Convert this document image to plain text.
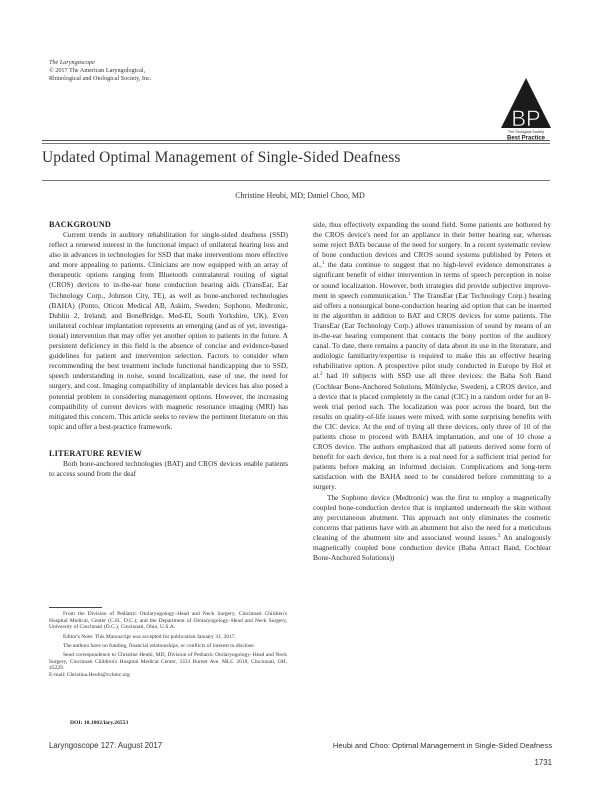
The Laryngoscope
© 2017 The American Laryngological,
Rhinological and Otological Society, Inc.
BP
The Triological Society
Best Practice
Updated Optimal Management of Single-Sided Deafness
Christine Heubi, MD; Daniel Choo, MD
BACKGROUND

Current trends in auditory rehabilitation for single-sided deafness (SSD) reflect a renewed interest in the functional impact of unilateral hearing loss and also in advances in technologies for SSD that make interventions more effective and more appealing to patients. Clinicians are now equipped with an array of therapeutic options ranging from Bluetooth contralateral routing of signal (CROS) devices to in-the-ear bone conduction hearing aids (TransEar, Ear Technology Corp., Johnson City, TE), as well as bone-anchored technologies (BAHA) (Ponto, Oticon Medical AB, Askim, Sweden; Sophono, Medtronic, Dublin 2, Ireland; and BoneBridge, Med-El, South Yorkshire, UK). Even unilateral cochlear implantation represents an emerging (and as of yet, investigational) intervention that may offer yet another option to patients in the future. A persistent deficiency in this field is the absence of concise and evidence-based guidelines for patient and intervention selection. Factors to consider when recommending the best treatment include functional handicapping due to SSD, speech understanding in noise, sound localization, ease of use, the need for surgery, and cost. Imaging compatibility of implantable devices has also posed a potential problem in considering management options. However, the increasing compatibility of current devices with magnetic resonance imaging (MRI) has mitigated this concern. This article seeks to review the pertinent literature on this topic and offer a best-practice framework.

LITERATURE REVIEW

Both bone-anchored technologies (BAT) and CROS devices enable patients to access sound from the deaf

From the Division of Pediatric Otolaryngology–Head and Neck Surgery, Cincinnati Children's Hospital Medical, Center (C.H., D.C.); and the Department of Otolaryngology–Head and Neck Surgery, University of Cincinnati (D.C.), Cincinnati, Ohio, U.S.A.

Editor's Note: This Manuscript was accepted for publication January 31, 2017.

The authors have no funding, financial relationships, or conflicts of interest to disclose.

Send correspondence to Christine Heubi, MD, Division of Pediatric Otolaryngology–Head and Neck Surgery, Cincinnati Children's Hospital Medical Center, 3333 Burnet Ave. MLC 2018, Cincinnati, OH, 45229.

E-mail: Christina.Heubi@cchmc.org

DOI: 10.1002/lary.26553

side, thus effectively expanding the sound field. Some patients are bothered by the CROS device's need for an appliance in their better hearing ear, whereas some reject BATs because of the need for surgery. In a recent systematic review of bone conduction devices and CROS sound systems published by Peters et al.,$^1$ the data continue to suggest that no high-level evidence demonstrates a significant benefit of either intervention in terms of speech perception in noise or sound localization. However, both strategies did provide subjective improvement in speech communication.$^1$ The TransEar (Ear Technology Corp.) hearing aid offers a nonsurgical bone-conduction hearing aid option that can be inserted in the algorithm in addition to BAT and CROS devices for some patients. The TransEar (Ear Technology Corp.) allows transmission of sound by means of an in-the-ear hearing component that contacts the bony portion of the auditory canal. To date, there remains a paucity of data about its use in the literature, and audiologic familiarity/expertise is required to make this an effective hearing rehabilitative option. A prospective pilot study conducted in Europe by Hol et al.$^2$ had 10 subjects with SSD use all three devices: the Baha Soft Band (Cochlear Bone-Anchored Solutions, Mölnlycke, Sweden), a CROS device, and a device that is placed completely in the canal (CIC) in a random order for an 8-week trial period each. The localization was poor across the board, but the results on quality-of-life issues were mixed, with some surprising benefits with the CIC device. At the end of trying all three devices, only three of 10 of the patients chose to proceed with BAHA implantation, and one of 10 chose a CROS device. The authors emphasized that all patients derived some form of benefit for each device, but there is a real need for a sufficient trial period for patients before making an informed decision. Complications and long-term satisfaction with the BAHA need to be considered before committing to a surgery.

The Sophono device (Medtronic) was the first to employ a magnetically coupled bone-conduction device that is implanted underneath the skin without any percutaneous abutment. This approach not only eliminates the cosmetic concerns that patients have with an abutment but also the need for a meticulous cleaning of the abutment site and associated wound issues.$^3$ An analogously magnetically coupled bone conduction device (Baha Attract Band, Cochlear Bone-Anchored Solutions))

Laryngoscope 127: August 2017	Heubi and Choo: Optimal Management in Single-Sided Deafness
1731
